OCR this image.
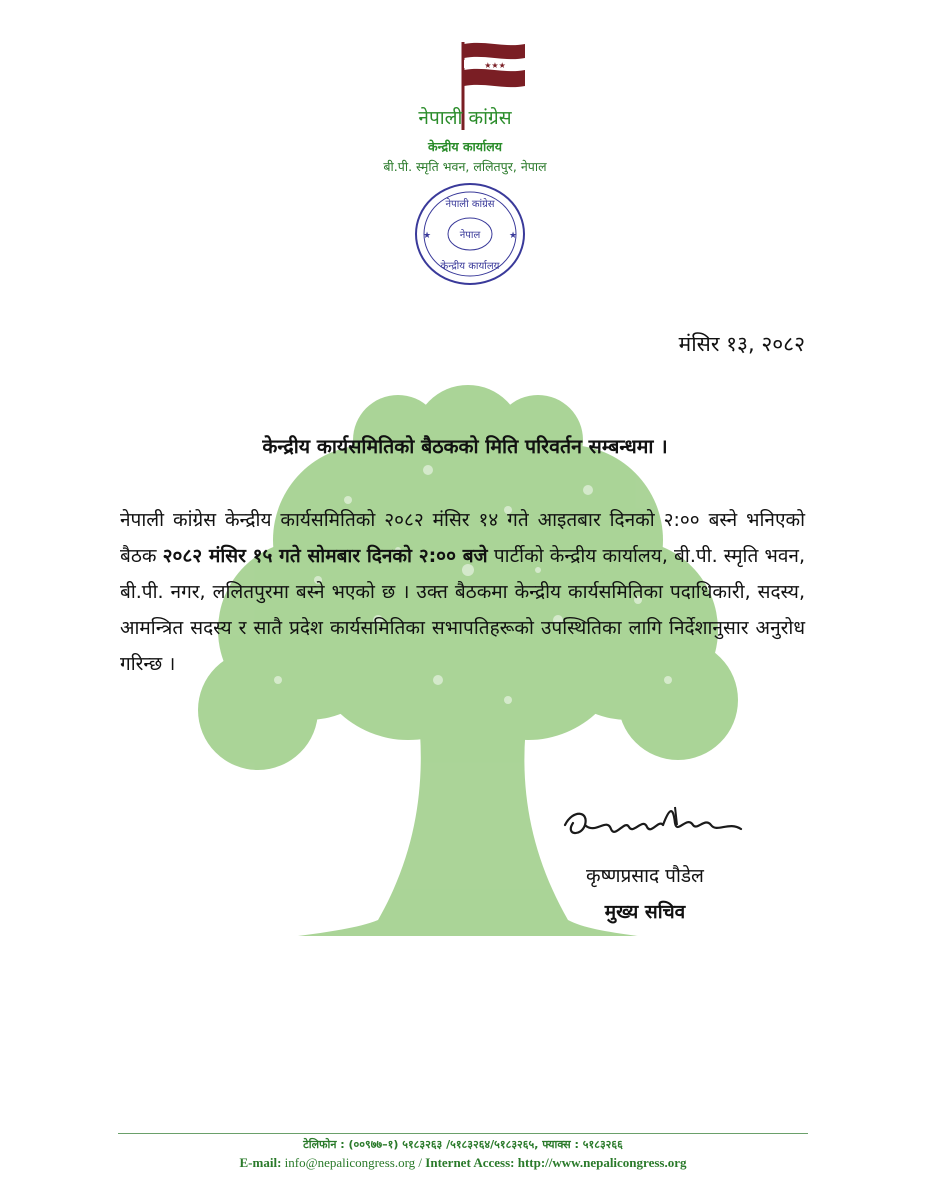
★★★
नेपाली कांग्रेस
केन्द्रीय कार्यालय
बी.पी. स्मृति भवन, ललितपुर, नेपाल
नेपाली कांग्रेस
नेपाल
केन्द्रीय कार्यालय
★	★
मंसिर १३, २०८२
केन्द्रीय कार्यसमितिको बैठकको मिति परिवर्तन सम्बन्धमा ।
नेपाली कांग्रेस केन्द्रीय कार्यसमितिको २०८२ मंसिर १४ गते आइतबार दिनको २:०० बस्ने भनिएको बैठक २०८२ मंसिर १५ गते सोमबार दिनको २:०० बजे पार्टीको केन्द्रीय कार्यालय, बी.पी. स्मृति भवन, बी.पी. नगर, ललितपुरमा बस्ने भएको छ । उक्त बैठकमा केन्द्रीय कार्यसमितिका पदाधिकारी, सदस्य, आमन्त्रित सदस्य र सातै प्रदेश कार्यसमितिका सभापतिहरूको उपस्थितिका लागि निर्देशानुसार अनुरोध गरिन्छ ।
कृष्णप्रसाद पौडेल
मुख्य सचिव
टेलिफोन : (००९७७–१) ५१८३२६३ /५१८३२६४/५१८३२६५, फ्याक्स : ५१८३२६६
E-mail: info@nepalicongress.org / Internet Access: http://www.nepalicongress.org
